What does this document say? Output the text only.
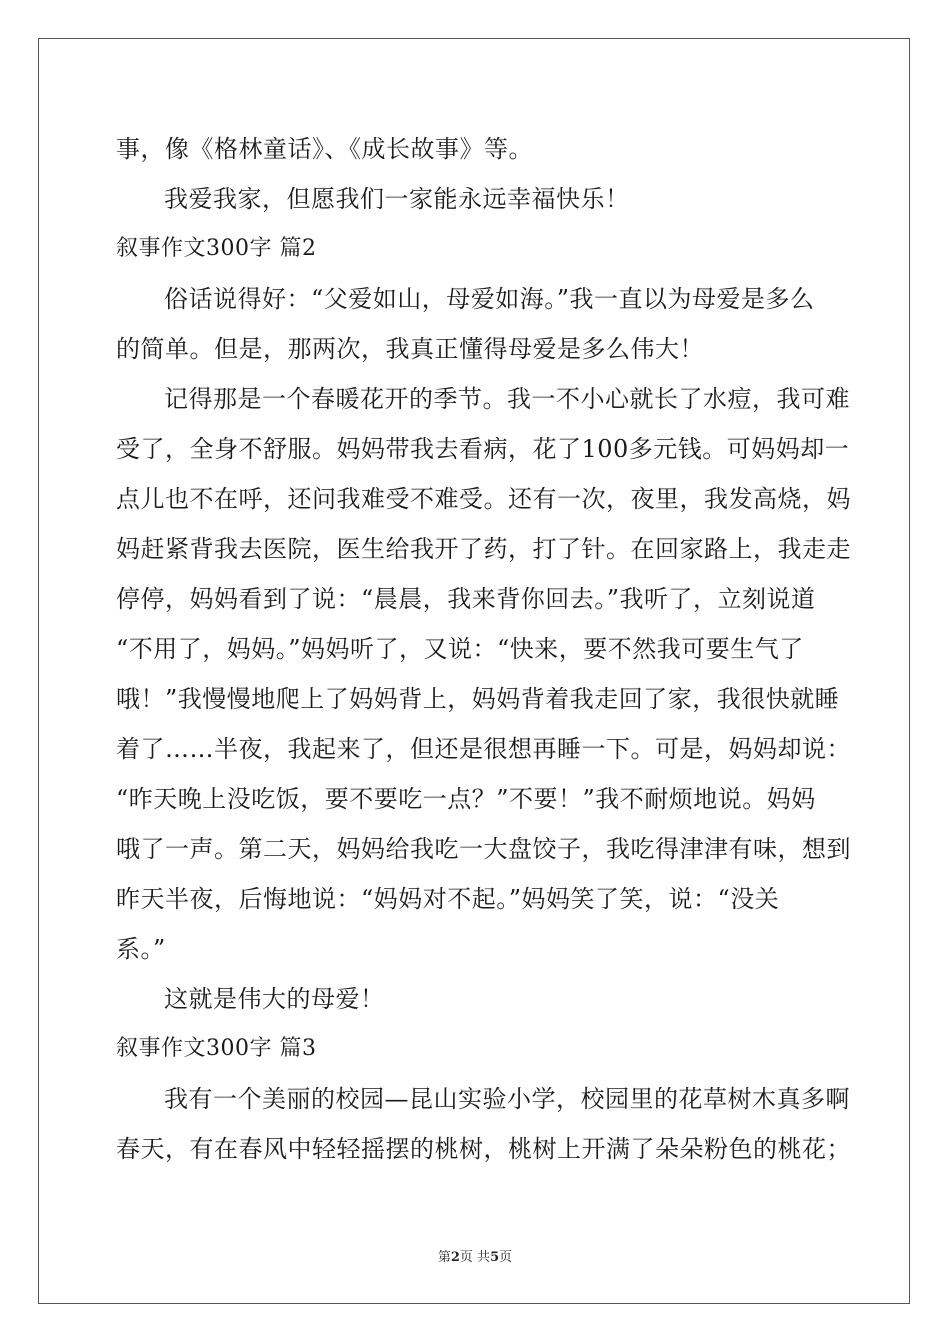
事，像《格林童话》、《成长故事》等。
我爱我家，但愿我们一家能永远幸福快乐！
叙事作文300字 篇2
俗话说得好：“父爱如山，母爱如海。”我一直以为母爱是多么
的简单。但是，那两次，我真正懂得母爱是多么伟大！
记得那是一个春暖花开的季节。我一不小心就长了水痘，我可难
受了，全身不舒服。妈妈带我去看病，花了100多元钱。可妈妈却一
点儿也不在呼，还问我难受不难受。还有一次，夜里，我发高烧，妈
妈赶紧背我去医院，医生给我开了药，打了针。在回家路上，我走走
停停，妈妈看到了说：“晨晨，我来背你回去。”我听了，立刻说道
“不用了，妈妈。”妈妈听了，又说：“快来，要不然我可要生气了
哦！”我慢慢地爬上了妈妈背上，妈妈背着我走回了家，我很快就睡
着了……半夜，我起来了，但还是很想再睡一下。可是，妈妈却说：
“昨天晚上没吃饭，要不要吃一点？”不要！”我不耐烦地说。妈妈
哦了一声。第二天，妈妈给我吃一大盘饺子，我吃得津津有味，想到
昨天半夜，后悔地说：“妈妈对不起。”妈妈笑了笑，说：“没关
系。”
这就是伟大的母爱！
叙事作文300字 篇3
我有一个美丽的校园—昆山实验小学，校园里的花草树木真多啊
春天，有在春风中轻轻摇摆的桃树，桃树上开满了朵朵粉色的桃花；
第2页 共5页
